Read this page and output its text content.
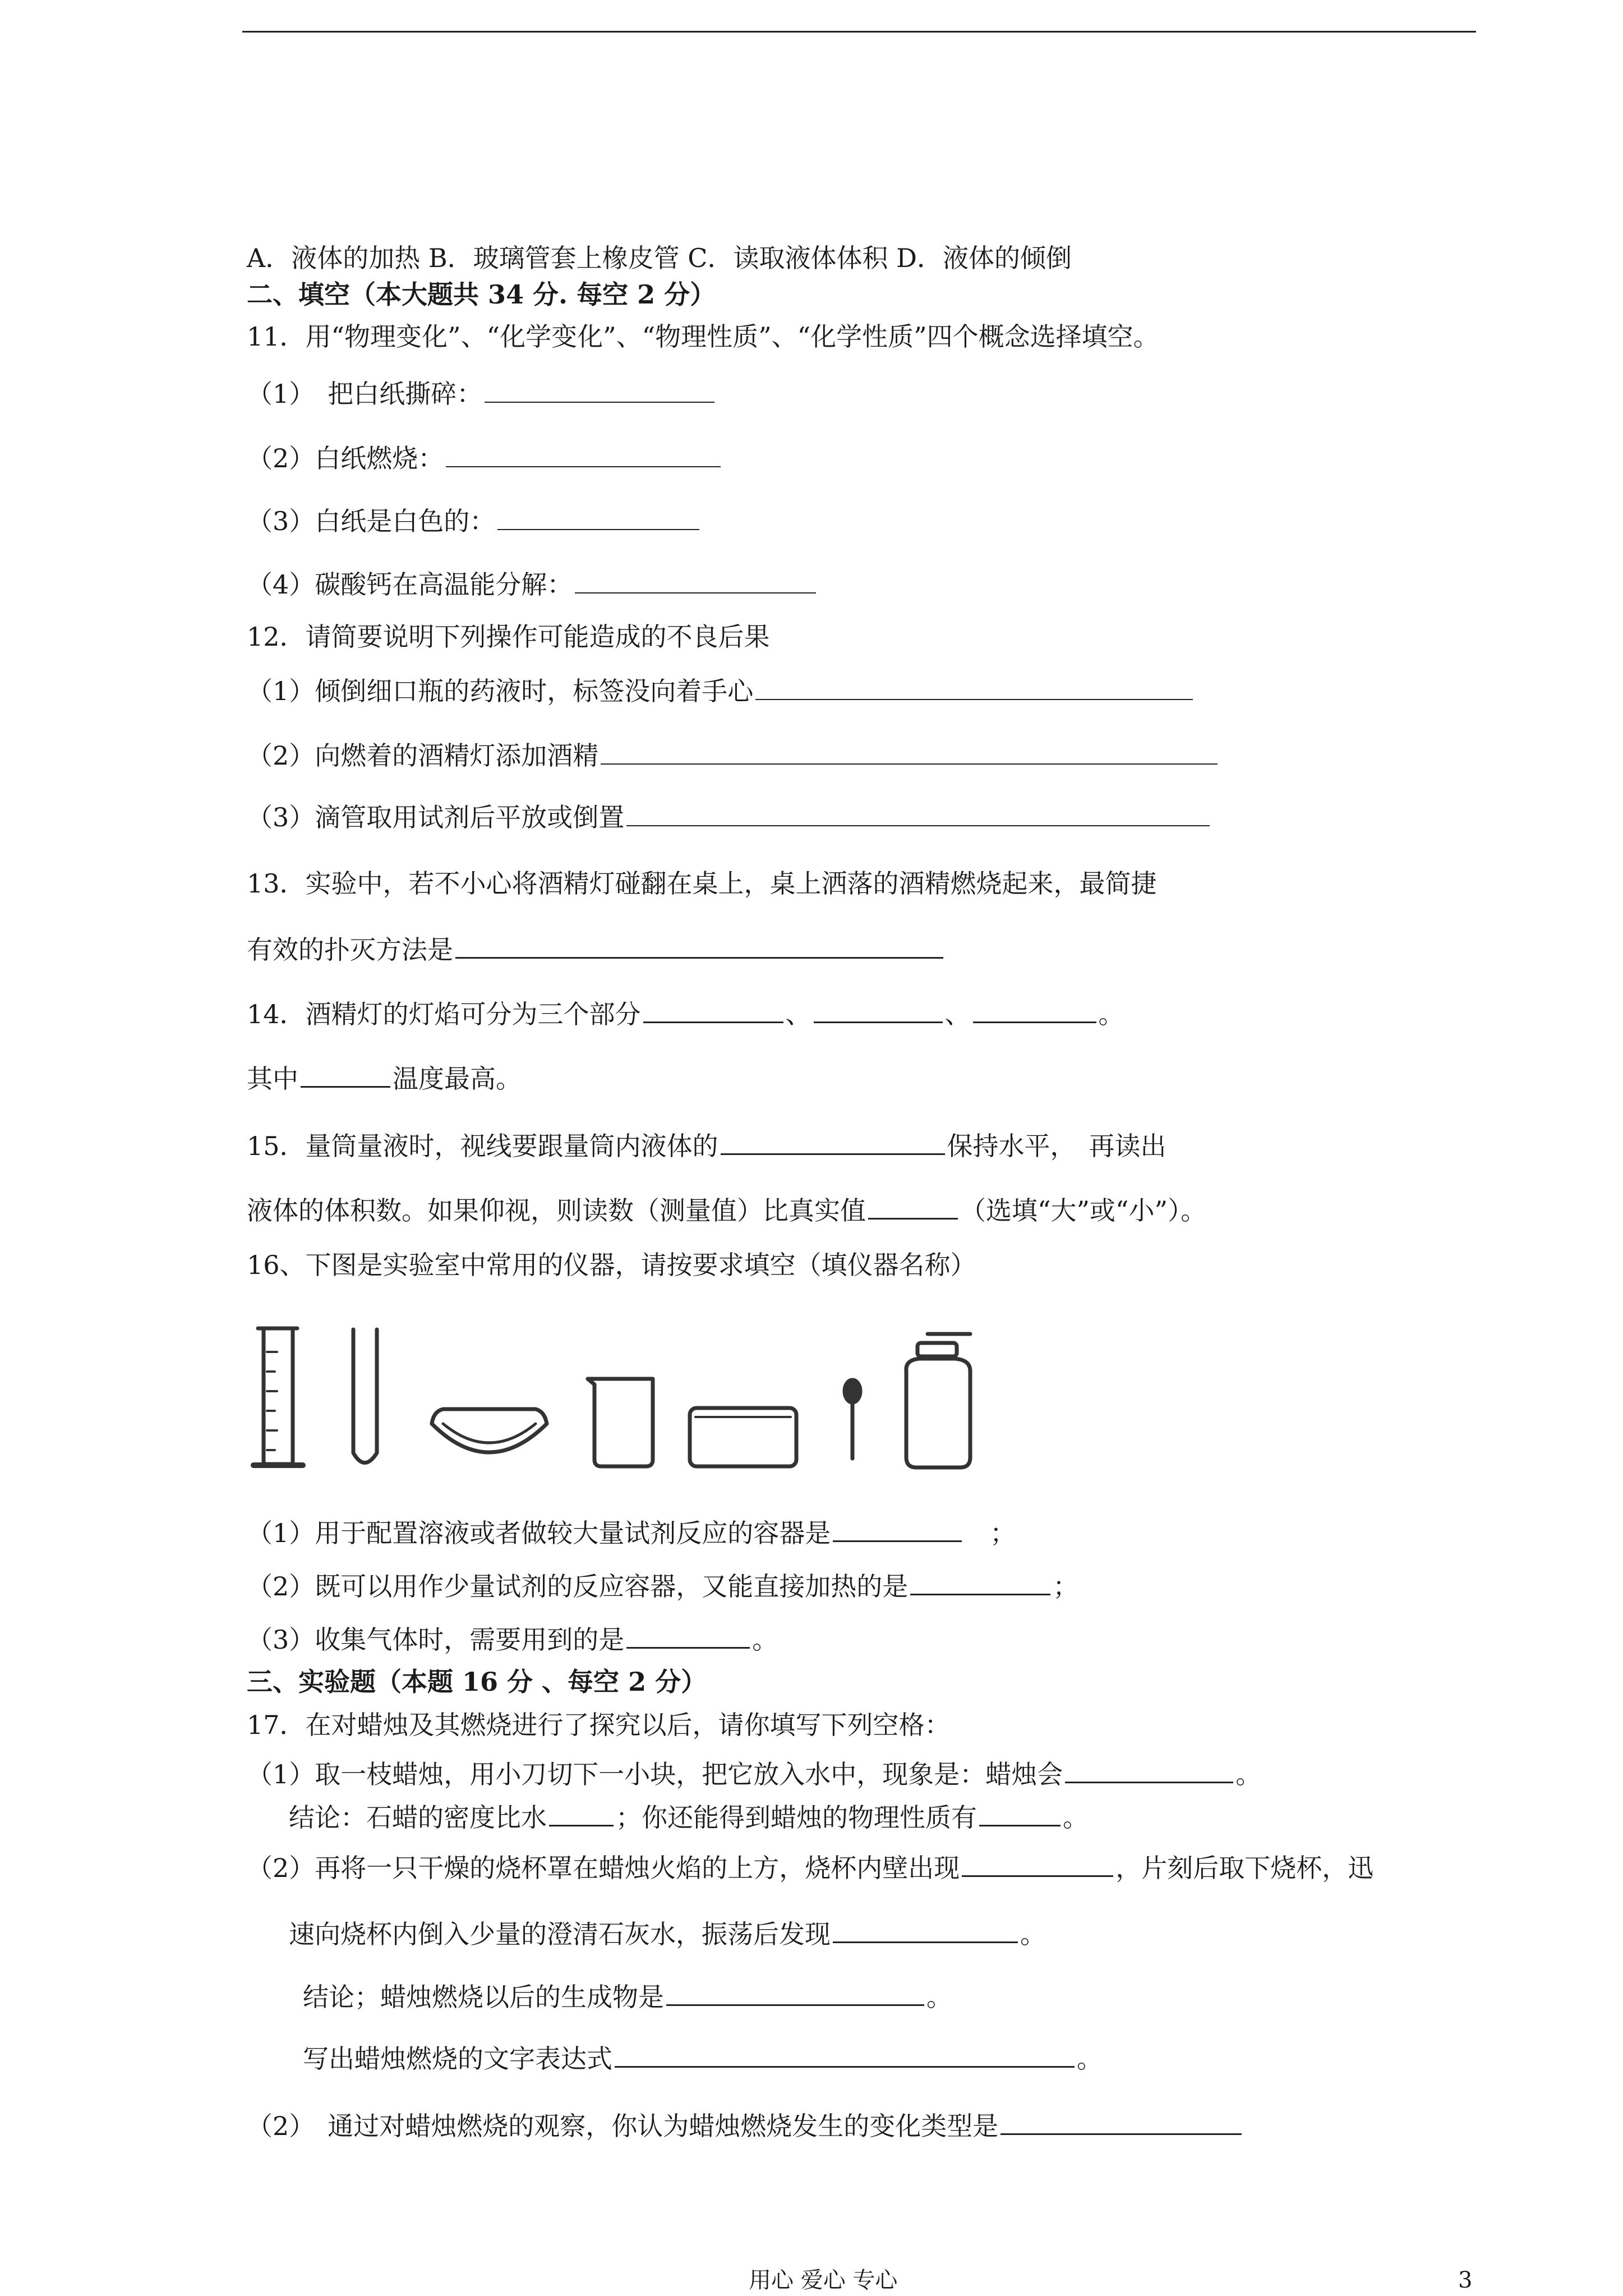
A．液体的加热 B．玻璃管套上橡皮管 C．读取液体体积 D．液体的倾倒
二、填空（本大题共 34 分. 每空 2 分）
11．用“物理变化”、“化学变化”、“物理性质”、“化学性质”四个概念选择填空。
（1）　把白纸撕碎：
（2）白纸燃烧：
（3）白纸是白色的：
（4）碳酸钙在高温能分解：
12．请简要说明下列操作可能造成的不良后果
（1）倾倒细口瓶的药液时，标签没向着手心
（2）向燃着的酒精灯添加酒精
（3）滴管取用试剂后平放或倒置
13．实验中，若不小心将酒精灯碰翻在桌上，桌上洒落的酒精燃烧起来，最简捷
有效的扑灭方法是
14．酒精灯的灯焰可分为三个部分	、	、	。
其中	温度最高。
15．量筒量液时，视线要跟量筒内液体的	保持水平，　再读出
液体的体积数。如果仰视，则读数（测量值）比真实值	（选填“大”或“小”）。
16、下图是实验室中常用的仪器，请按要求填空（填仪器名称）
（1）用于配置溶液或者做较大量试剂反应的容器是	　；
（2）既可以用作少量试剂的反应容器，又能直接加热的是	；
（3）收集气体时，需要用到的是	。
三、实验题（本题 16 分 、每空 2 分）
17．在对蜡烛及其燃烧进行了探究以后，请你填写下列空格：
（1）取一枝蜡烛，用小刀切下一小块，把它放入水中，现象是：蜡烛会	。
结论：石蜡的密度比水	；你还能得到蜡烛的物理性质有	。
（2）再将一只干燥的烧杯罩在蜡烛火焰的上方，烧杯内壁出现	，片刻后取下烧杯，迅
速向烧杯内倒入少量的澄清石灰水，振荡后发现	。
结论；蜡烛燃烧以后的生成物是	。
写出蜡烛燃烧的文字表达式	。
（2）　通过对蜡烛燃烧的观察，你认为蜡烛燃烧发生的变化类型是
用心 爱心 专心	3
